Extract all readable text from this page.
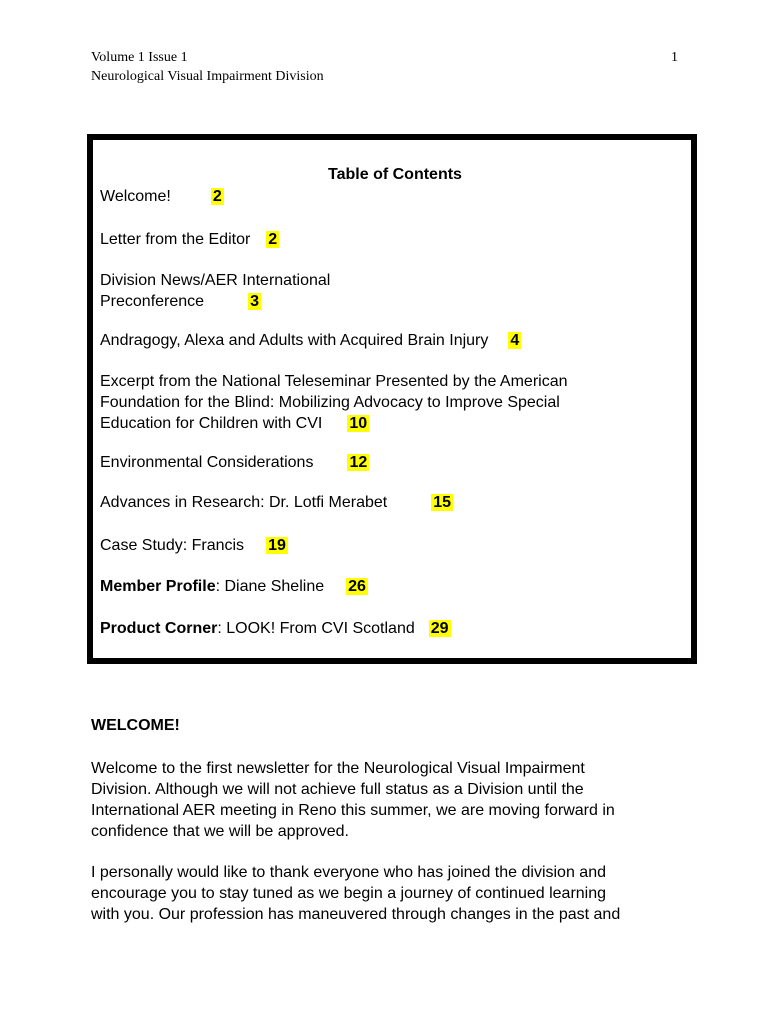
Volume 1 Issue 1
Neurological Visual Impairment Division
1
Table of Contents
Welcome!	2
Letter from the Editor 2
Division News/AER International
Preconference	3
Andragogy, Alexa and Adults with Acquired Brain Injury 4
Excerpt from the National Teleseminar Presented by the American
Foundation for the Blind: Mobilizing Advocacy to Improve Special
Education for Children with CVI 10
Environmental Considerations 12
Advances in Research: Dr. Lotfi Merabet	15
Case Study: Francis 19
Member Profile: Diane Sheline 26
Product Corner: LOOK! From CVI Scotland 29
WELCOME!
Welcome to the first newsletter for the Neurological Visual Impairment
Division. Although we will not achieve full status as a Division until the
International AER meeting in Reno this summer, we are moving forward in
confidence that we will be approved.
I personally would like to thank everyone who has joined the division and
encourage you to stay tuned as we begin a journey of continued learning
with you. Our profession has maneuvered through changes in the past and
